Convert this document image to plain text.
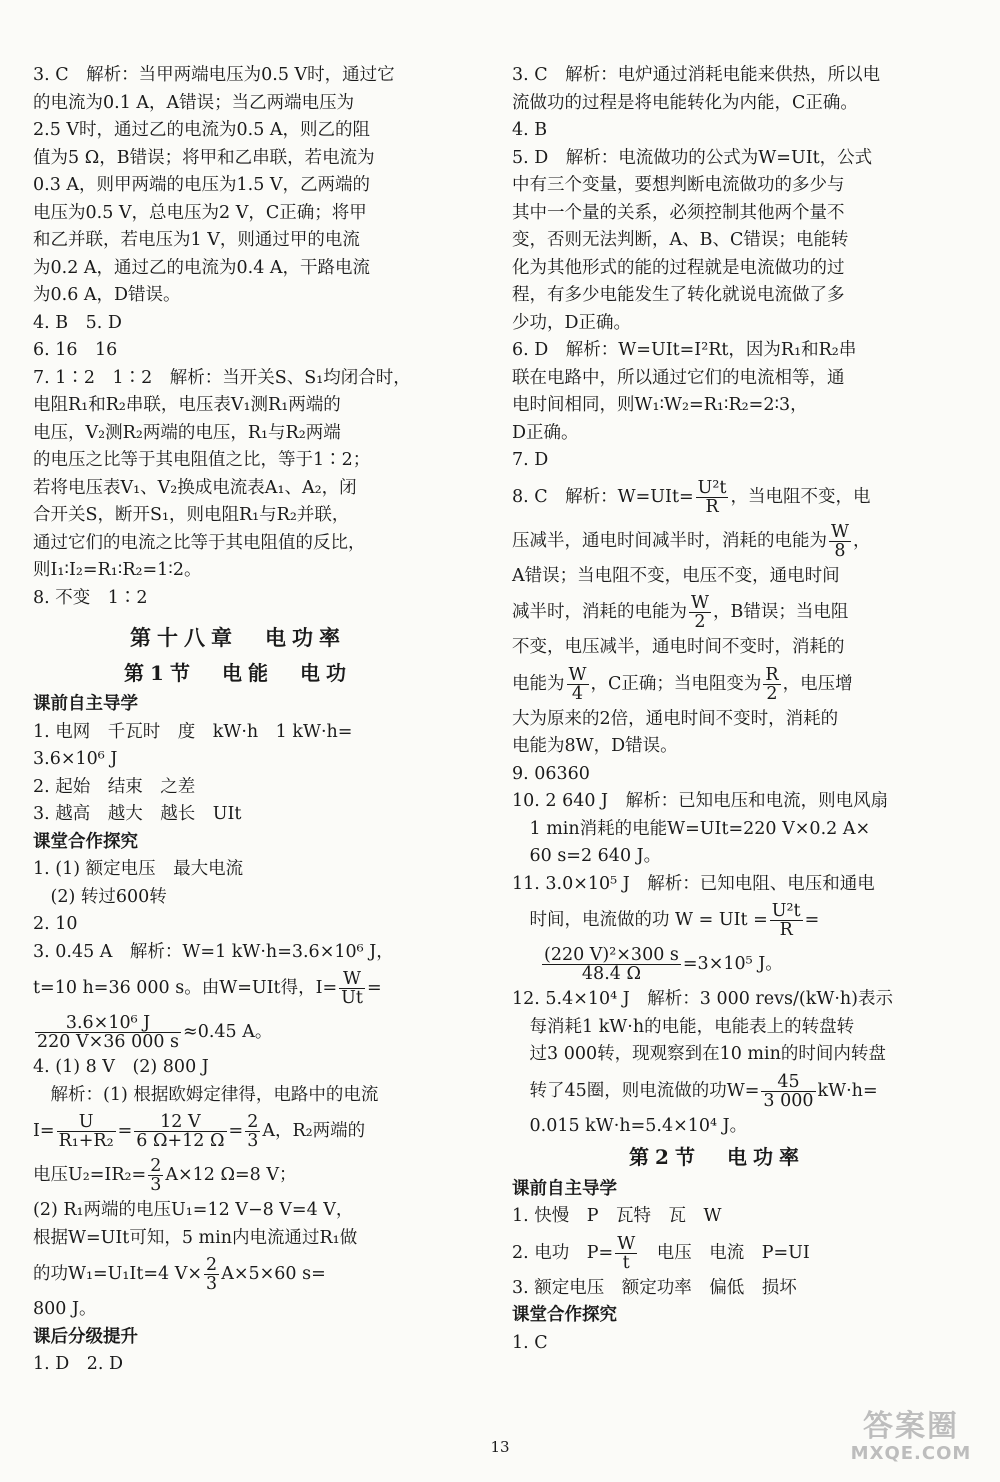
3. C　解析：当甲两端电压为0.5 V时，通过它
的电流为0.1 A，A错误；当乙两端电压为
2.5 V时，通过乙的电流为0.5 A，则乙的阻
值为5 Ω，B错误；将甲和乙串联，若电流为
0.3 A，则甲两端的电压为1.5 V，乙两端的
电压为0.5 V，总电压为2 V，C正确；将甲
和乙并联，若电压为1 V，则通过甲的电流
为0.2 A，通过乙的电流为0.4 A，干路电流
为0.6 A，D错误。
4. B　5. D
6. 16　16
7. 1∶2　1∶2　解析：当开关S、S₁均闭合时，
电阻R₁和R₂串联，电压表V₁测R₁两端的
电压，V₂测R₂两端的电压，R₁与R₂两端
的电压之比等于其电阻值之比，等于1∶2；
若将电压表V₁、V₂换成电流表A₁、A₂，闭
合开关S，断开S₁，则电阻R₁与R₂并联，
通过它们的电流之比等于其电阻值的反比，
则I₁∶I₂=R₁∶R₂=1∶2。
8. 不变　1∶2
第十八章　电功率
第1节　电能　电功
课前自主导学
1. 电网　千瓦时　度　kW·h　1 kW·h=
3.6×10⁶ J
2. 起始　结束　之差
3. 越高　越大　越长　UIt
课堂合作探究
1. (1) 额定电压　最大电流
　(2) 转过600转
2. 10
3. 0.45 A　解析：W=1 kW·h=3.6×10⁶ J，
t=10 h=36 000 s。由W=UIt得，$I= \frac{W}{Ut}$ =
$\frac{\text{3.6×10⁶ J}}{220 V\times 36 000 s} \approx 0.45$ A。
4. (1) 8 V　(2) 800 J
　解析：(1) 根据欧姆定律得，电路中的电流
$I= \frac{U}{\text{R₁+R₂}} = \frac{12 V}{6 \Omega+12 \Omega} = \frac{2}{3}$ A，R₂两端的
电压$U_2=IR_2= \frac{2}{3} A\times 12$ Ω=8 V；
(2) R₁两端的电压U₁=12 V−8 V=4 V，
根据W=UIt可知，5 min内电流通过R₁做
的功W₁=U₁It=4 $V\times \frac{2}{3} A\times 5\times 60$ s=
800 J。
课后分级提升
1. D　2. D
3. C　解析：电炉通过消耗电能来供热，所以电
流做功的过程是将电能转化为内能，C正确。
4. B
5. D　解析：电流做功的公式为W=UIt，公式
中有三个变量，要想判断电流做功的多少与
其中一个量的关系，必须控制其他两个量不
变，否则无法判断，A、B、C错误；电能转
化为其他形式的能的过程就是电流做功的过
程，有多少电能发生了转化就说电流做了多
少功，D正确。
6. D　解析：W=UIt=I²Rt，因为R₁和R₂串
联在电路中，所以通过它们的电流相等，通
电时间相同，则W₁∶W₂=R₁∶R₂=2∶3，
D正确。
7. D
8. C　解析：$W=UIt= \frac{\text{U²t}}{R}$ ，当电阻不变，电
压减半，通电时间减半时，消耗的电能为 $\frac{W}{8}$ ，
A错误；当电阻不变，电压不变，通电时间
减半时，消耗的电能为 $\frac{W}{2}$ ，B错误；当电阻
不变，电压减半，通电时间不变时，消耗的
电能为 $\frac{W}{4}$ ，C正确；当电阻变为 $\frac{R}{2}$ ，电压增
大为原来的2倍，通电时间不变时，消耗的
电能为8W，D错误。
9. 06360
10. 2 640 J　解析：已知电压和电流，则电风扇
　1 min消耗的电能W=UIt=220 V×0.2 A×
　60 s=2 640 J。
11. 3.0×10⁵ J　解析：已知电阻、电压和通电
　时间，电流做的功 W = UIt = $\frac{\text{U²t}}{R}$ =
$\frac{\text{(220 V)²×300 s}}{48.4 \Omega} =3\times 10^5$ J。
12. 5.4×10⁴ J　解析：3 000 revs/(kW·h)表示
　每消耗1 kW·h的电能，电能表上的转盘转
　过3 000转，现观察到在10 min的时间内转盘
　转了45圈，则电流做的功$W= \frac{45}{3 000} kW\cdot h=$
　0.015 kW·h=5.4×10⁴ J。
第2节　电功率
课前自主导学
1. 快慢　P　瓦特　瓦　W
2. 电功　$P= \frac{W}{t}$ 　电压　电流　P=UI
3. 额定电压　额定功率　偏低　损坏
课堂合作探究
1. C
13
答案圈
MXQE.COM
